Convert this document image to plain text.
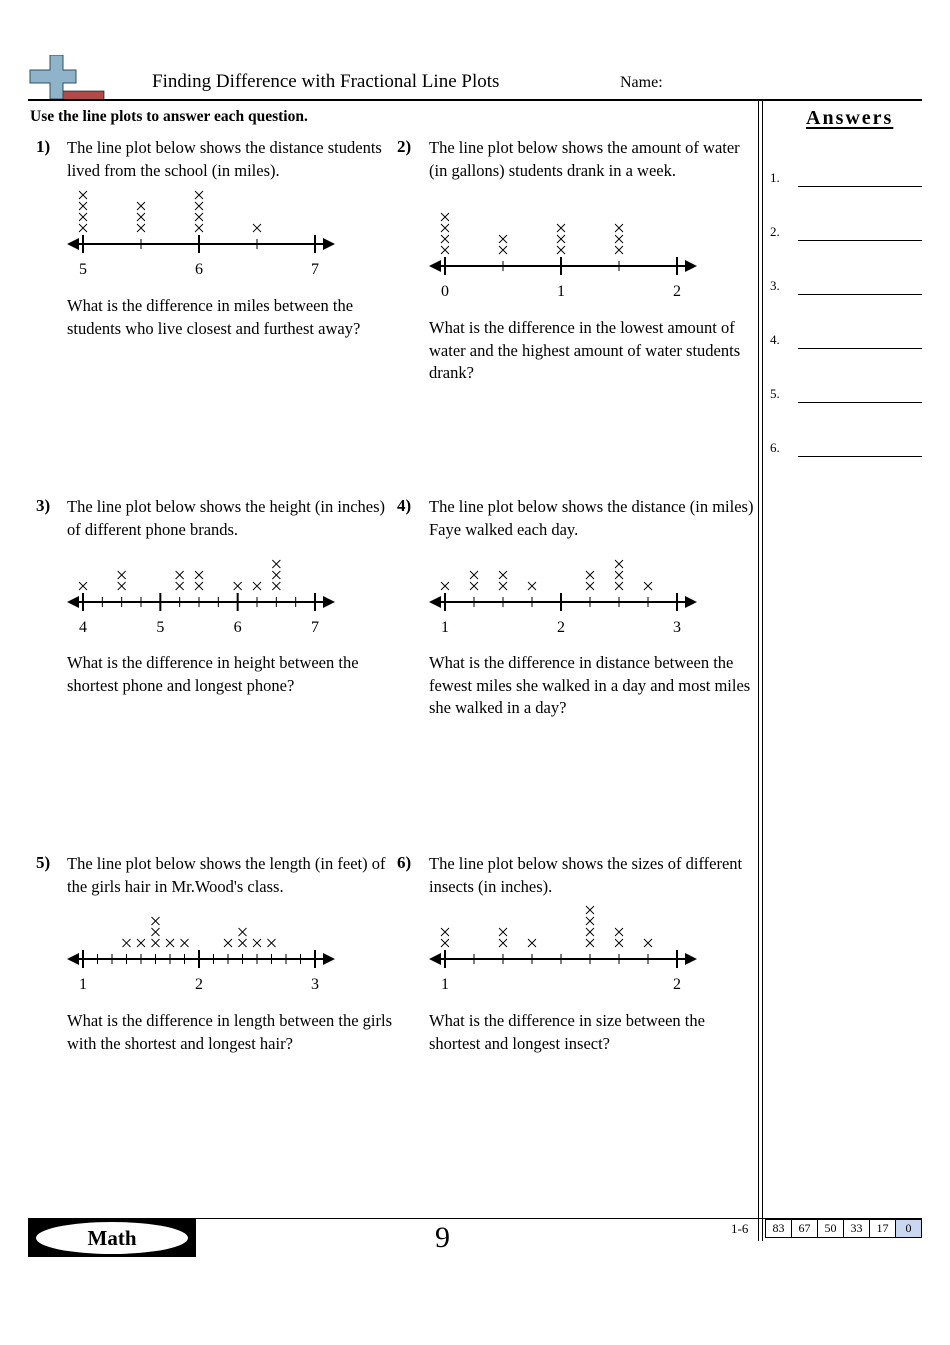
Finding Difference with Fractional Line Plots	Name:
Use the line plots to answer each question.	Answers
1.
2.
3.
4.
5.
6.
1) The line plot below shows the distance students lived from the school (in miles).
5	6	7
What is the difference in miles between the students who live closest and furthest away?
2) The line plot below shows the amount of water (in gallons) students drank in a week.
0	1	2
What is the difference in the lowest amount of water and the highest amount of water students drank?
3) The line plot below shows the height (in inches) of different phone brands.
4	5	6	7
What is the difference in height between the shortest phone and longest phone?
4) The line plot below shows the distance (in miles) Faye walked each day.
1	2	3
What is the difference in distance between the fewest miles she walked in a day and most miles she walked in a day?
5) The line plot below shows the length (in feet) of the girls hair in Mr.Wood's class.
1	2	3
What is the difference in length between the girls with the shortest and longest hair?
6) The line plot below shows the sizes of different insects (in inches).
1	2
What is the difference in size between the shortest and longest insect?
Math	9	1-6	83	67	50	33	17	0
